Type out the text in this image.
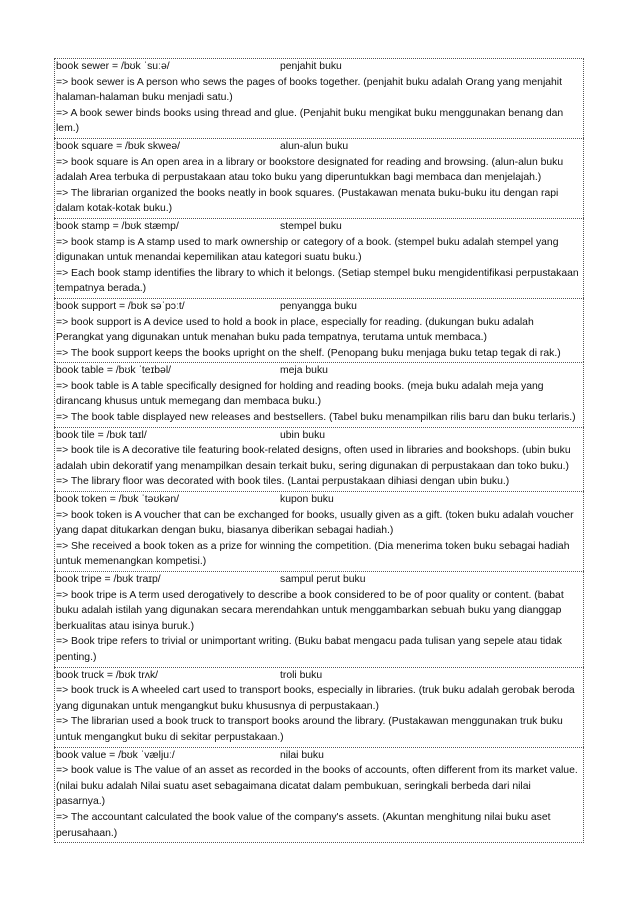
book sewer = /bʊk ˈsuːə/	penjahit buku
=> book sewer is A person who sews the pages of books together. (penjahit buku adalah Orang yang menjahit halaman-halaman buku menjadi satu.)
=> A book sewer binds books using thread and glue. (Penjahit buku mengikat buku menggunakan benang dan lem.)
book square = /bʊk skweə/	alun-alun buku
=> book square is An open area in a library or bookstore designated for reading and browsing. (alun-alun buku adalah Area terbuka di perpustakaan atau toko buku yang diperuntukkan bagi membaca dan menjelajah.)
=> The librarian organized the books neatly in book squares. (Pustakawan menata buku-buku itu dengan rapi dalam kotak-kotak buku.)
book stamp = /bʊk stæmp/	stempel buku
=> book stamp is A stamp used to mark ownership or category of a book. (stempel buku adalah stempel yang digunakan untuk menandai kepemilikan atau kategori suatu buku.)
=> Each book stamp identifies the library to which it belongs. (Setiap stempel buku mengidentifikasi perpustakaan tempatnya berada.)
book support = /bʊk səˈpɔːt/	penyangga buku
=> book support is A device used to hold a book in place, especially for reading. (dukungan buku adalah Perangkat yang digunakan untuk menahan buku pada tempatnya, terutama untuk membaca.)
=> The book support keeps the books upright on the shelf. (Penopang buku menjaga buku tetap tegak di rak.)
book table = /bʊk ˈteɪbəl/	meja buku
=> book table is A table specifically designed for holding and reading books. (meja buku adalah meja yang dirancang khusus untuk memegang dan membaca buku.)
=> The book table displayed new releases and bestsellers. (Tabel buku menampilkan rilis baru dan buku terlaris.)
book tile = /bʊk taɪl/	ubin buku
=> book tile is A decorative tile featuring book-related designs, often used in libraries and bookshops. (ubin buku adalah ubin dekoratif yang menampilkan desain terkait buku, sering digunakan di perpustakaan dan toko buku.)
=> The library floor was decorated with book tiles. (Lantai perpustakaan dihiasi dengan ubin buku.)
book token = /bʊk ˈtəʊkən/	kupon buku
=> book token is A voucher that can be exchanged for books, usually given as a gift. (token buku adalah voucher yang dapat ditukarkan dengan buku, biasanya diberikan sebagai hadiah.)
=> She received a book token as a prize for winning the competition. (Dia menerima token buku sebagai hadiah untuk memenangkan kompetisi.)
book tripe = /bʊk traɪp/	sampul perut buku
=> book tripe is A term used derogatively to describe a book considered to be of poor quality or content. (babat buku adalah istilah yang digunakan secara merendahkan untuk menggambarkan sebuah buku yang dianggap berkualitas atau isinya buruk.)
=> Book tripe refers to trivial or unimportant writing. (Buku babat mengacu pada tulisan yang sepele atau tidak penting.)
book truck = /bʊk trʌk/	troli buku
=> book truck is A wheeled cart used to transport books, especially in libraries. (truk buku adalah gerobak beroda yang digunakan untuk mengangkut buku khususnya di perpustakaan.)
=> The librarian used a book truck to transport books around the library. (Pustakawan menggunakan truk buku untuk mengangkut buku di sekitar perpustakaan.)
book value = /bʊk ˈvæljuː/	nilai buku
=> book value is The value of an asset as recorded in the books of accounts, often different from its market value. (nilai buku adalah Nilai suatu aset sebagaimana dicatat dalam pembukuan, seringkali berbeda dari nilai pasarnya.)
=> The accountant calculated the book value of the company's assets. (Akuntan menghitung nilai buku aset perusahaan.)
